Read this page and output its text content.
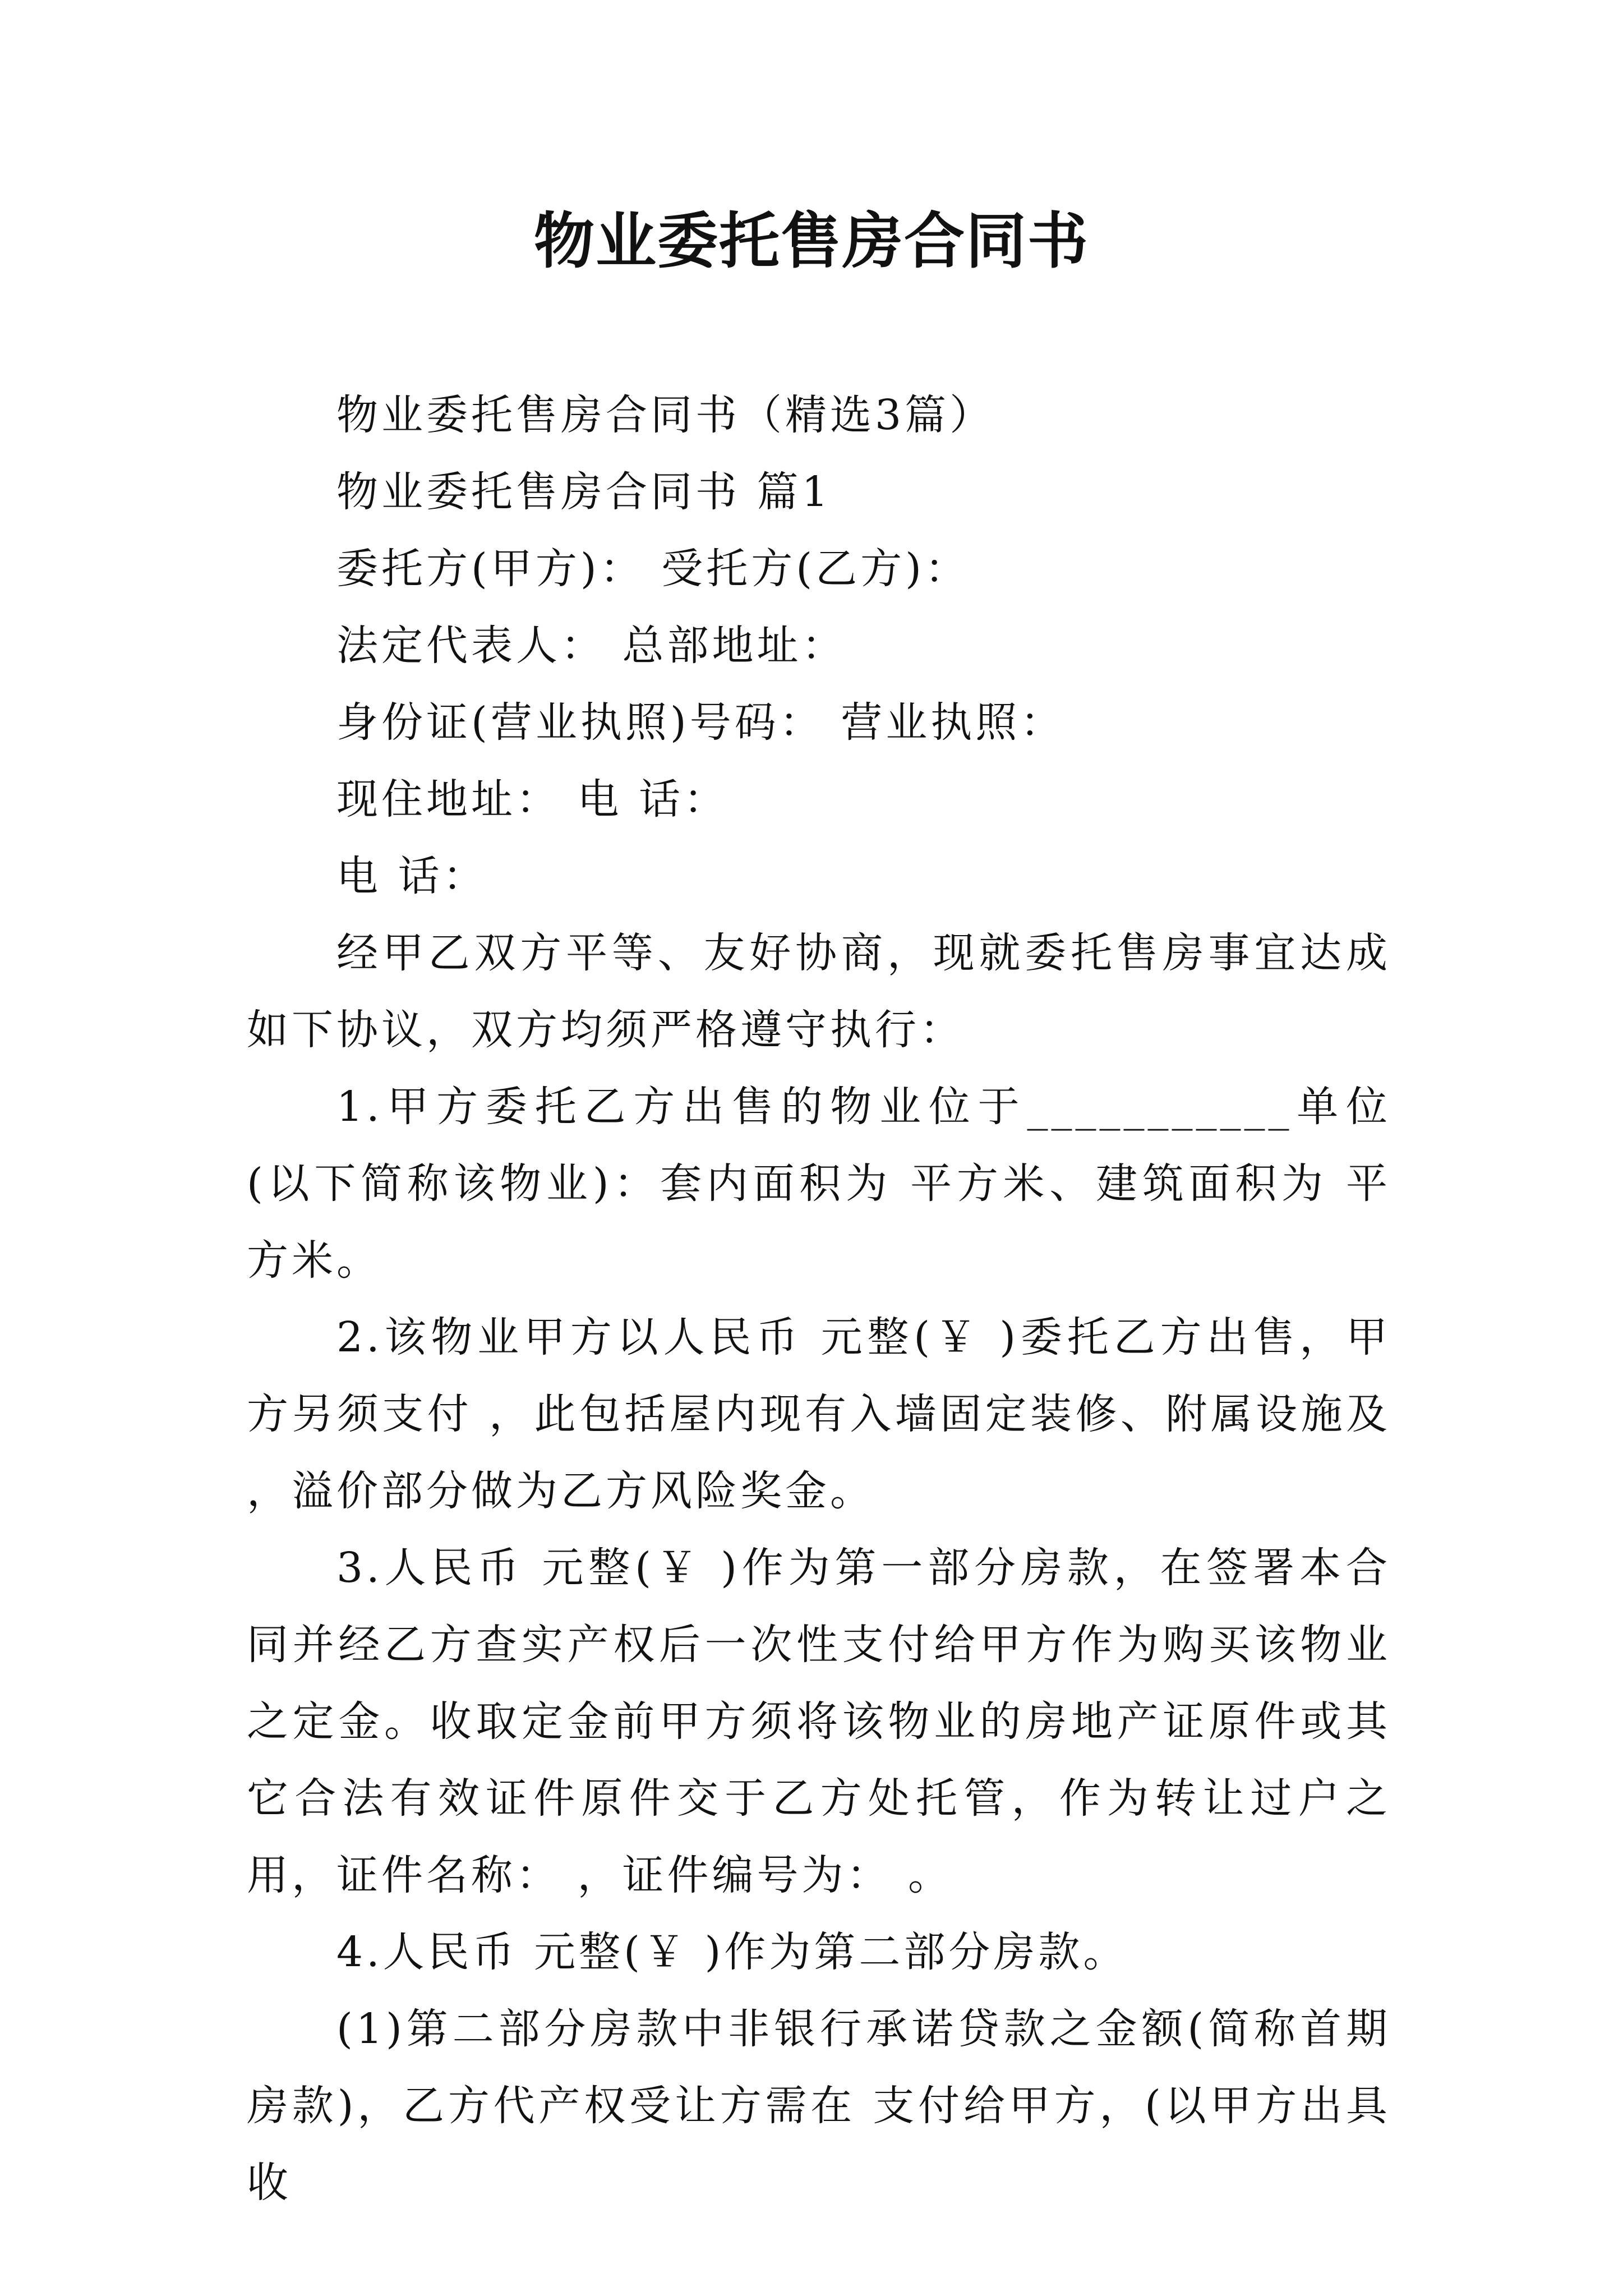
物业委托售房合同书

物业委托售房合同书（精选3篇）

物业委托售房合同书 篇1

委托方(甲方)： 受托方(乙方)：

法定代表人： 总部地址：

身份证(营业执照)号码： 营业执照：

现住地址： 电 话：

电 话：

经甲乙双方平等、友好协商，现就委托售房事宜达成如下协议，双方均须严格遵守执行：

1.甲方委托乙方出售的物业位于___________单位 (以下简称该物业)：套内面积为 平方米、建筑面积为 平方米。

2.该物业甲方以人民币 元整(￥ )委托乙方出售，甲方另须支付 ，此包括屋内现有入墙固定装修、附属设施及 ，溢价部分做为乙方风险奖金。

3.人民币 元整(￥ )作为第一部分房款，在签署本合同并经乙方查实产权后一次性支付给甲方作为购买该物业之定金。收取定金前甲方须将该物业的房地产证原件或其它合法有效证件原件交于乙方处托管，作为转让过户之用，证件名称： ，证件编号为： 。

4.人民币 元整(￥ )作为第二部分房款。

(1)第二部分房款中非银行承诺贷款之金额(简称首期房款)，乙方代产权受让方需在 支付给甲方，(以甲方出具收
